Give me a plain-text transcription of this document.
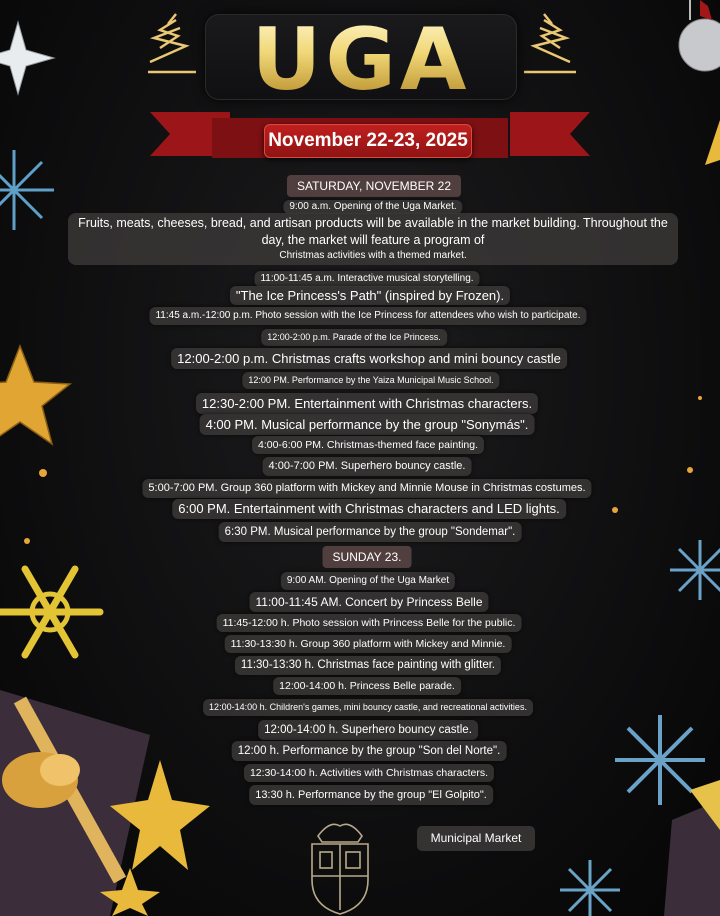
UGA
November 22-23, 2025
SATURDAY, NOVEMBER 22
9:00 a.m. Opening of the Uga Market.
Fruits, meats, cheeses, bread, and artisan products will be available in the market building. Throughout the
day, the market will feature a program of
Christmas activities with a themed market.
11:00-11:45 a.m. Interactive musical storytelling.
"The Ice Princess's Path" (inspired by Frozen).
11:45 a.m.-12:00 p.m. Photo session with the Ice Princess for attendees who wish to participate.
12:00-2:00 p.m. Parade of the Ice Princess.
12:00-2:00 p.m. Christmas crafts workshop and mini bouncy castle
12:00 PM. Performance by the Yaiza Municipal Music School.
12:30-2:00 PM. Entertainment with Christmas characters.
4:00 PM. Musical performance by the group "Sonymás".
4:00-6:00 PM. Christmas-themed face painting.
4:00-7:00 PM. Superhero bouncy castle.
5:00-7:00 PM. Group 360 platform with Mickey and Minnie Mouse in Christmas costumes.
6:00 PM. Entertainment with Christmas characters and LED lights.
6:30 PM. Musical performance by the group "Sondemar".
SUNDAY 23.
9:00 AM. Opening of the Uga Market
11:00-11:45 AM. Concert by Princess Belle
11:45-12:00 h. Photo session with Princess Belle for the public.
11:30-13:30 h. Group 360 platform with Mickey and Minnie.
11:30-13:30 h. Christmas face painting with glitter.
12:00-14:00 h. Princess Belle parade.
12:00-14:00 h. Children's games, mini bouncy castle, and recreational activities.
12:00-14:00 h. Superhero bouncy castle.
12:00 h. Performance by the group "Son del Norte".
12:30-14:00 h. Activities with Christmas characters.
13:30 h. Performance by the group "El Golpito".
Municipal Market
